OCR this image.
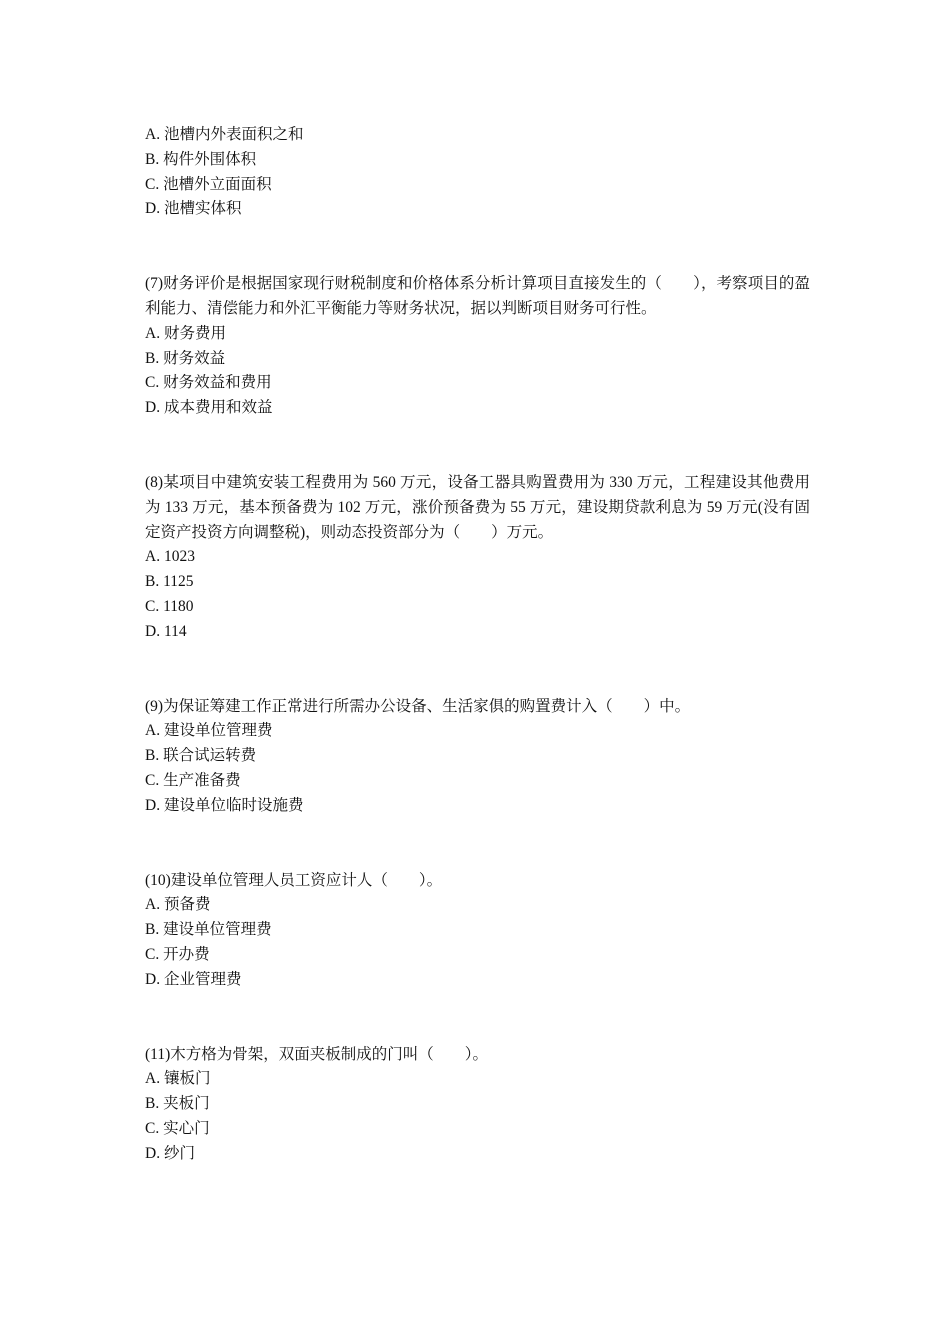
A. 池槽内外表面积之和
B. 构件外围体积
C. 池槽外立面面积
D. 池槽实体积
(7)财务评价是根据国家现行财税制度和价格体系分析计算项目直接发生的（　　），考察项目的盈利能力、清偿能力和外汇平衡能力等财务状况，据以判断项目财务可行性。
A. 财务费用
B. 财务效益
C. 财务效益和费用
D. 成本费用和效益
(8)某项目中建筑安装工程费用为 560 万元，设备工器具购置费用为 330 万元，工程建设其他费用为 133 万元，基本预备费为 102 万元，涨价预备费为 55 万元，建设期贷款利息为 59 万元(没有固定资产投资方向调整税)，则动态投资部分为（　　）万元。
A. 1023
B. 1125
C. 1180
D. 114
(9)为保证筹建工作正常进行所需办公设备、生活家俱的购置费计入（　　）中。
A. 建设单位管理费
B. 联合试运转费
C. 生产准备费
D. 建设单位临时设施费
(10)建设单位管理人员工资应计人（　　）。
A. 预备费
B. 建设单位管理费
C. 开办费
D. 企业管理费
(11)木方格为骨架，双面夹板制成的门叫（　　）。
A. 镶板门
B. 夹板门
C. 实心门
D. 纱门
